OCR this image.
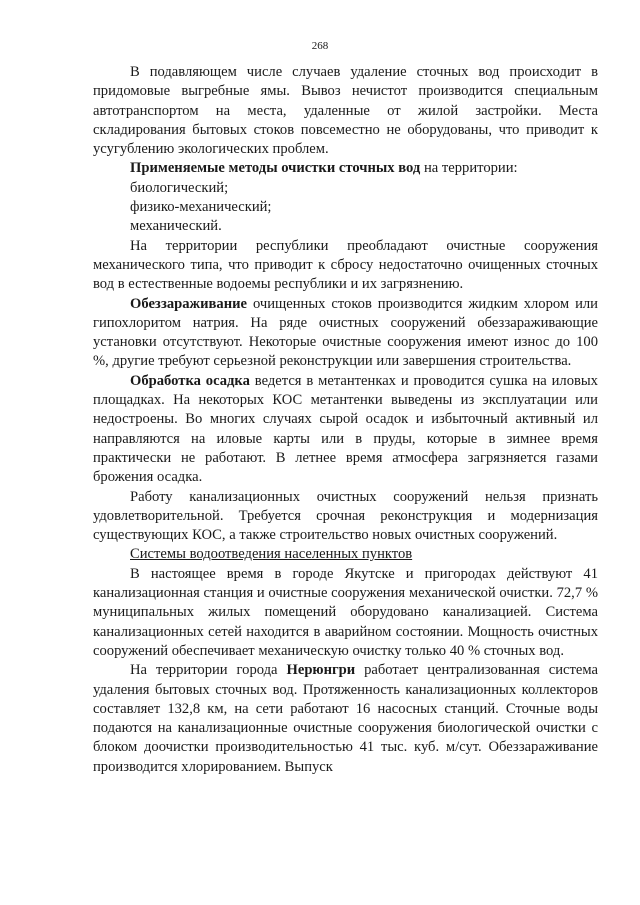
268

В подавляющем числе случаев удаление сточных вод происходит в придомовые выгребные ямы. Вывоз нечистот производится специальным автотранспортом на места, удаленные от жилой застройки. Места складирования бытовых стоков повсеместно не оборудованы, что приводит к усугублению экологических проблем.

Применяемые методы очистки сточных вод на территории:

биологический;

физико-механический;

механический.

На территории республики преобладают очистные сооружения механического типа, что приводит к сбросу недостаточно очищенных сточных вод в естественные водоемы республики и их загрязнению.

Обеззараживание очищенных стоков производится жидким хлором или гипохлоритом натрия. На ряде очистных сооружений обеззараживающие установки отсутствуют. Некоторые очистные сооружения имеют износ до 100 %, другие требуют серьезной реконструкции или завершения строительства.

Обработка осадка ведется в метантенках и проводится сушка на иловых площадках. На некоторых КОС метантенки выведены из эксплуатации или недостроены. Во многих случаях сырой осадок и избыточный активный ил направляются на иловые карты или в пруды, которые в зимнее время практически не работают. В летнее время атмосфера загрязняется газами брожения осадка.

Работу канализационных очистных сооружений нельзя признать удовлетворительной. Требуется срочная реконструкция и модернизация существующих КОС, а также строительство новых очистных сооружений.

Системы водоотведения населенных пунктов

В настоящее время в городе Якутске и пригородах действуют 41 канализационная станция и очистные сооружения механической очистки. 72,7 % муниципальных жилых помещений оборудовано канализацией. Система канализационных сетей находится в аварийном состоянии. Мощность очистных сооружений обеспечивает механическую очистку только 40 % сточных вод.

На территории города Нерюнгри работает централизованная система удаления бытовых сточных вод. Протяженность канализационных коллекторов составляет 132,8 км, на сети работают 16 насосных станций. Сточные воды подаются на канализационные очистные сооружения биологической очистки с блоком доочистки производительностью 41 тыс. куб. м/сут. Обеззараживание производится хлорированием. Выпуск
